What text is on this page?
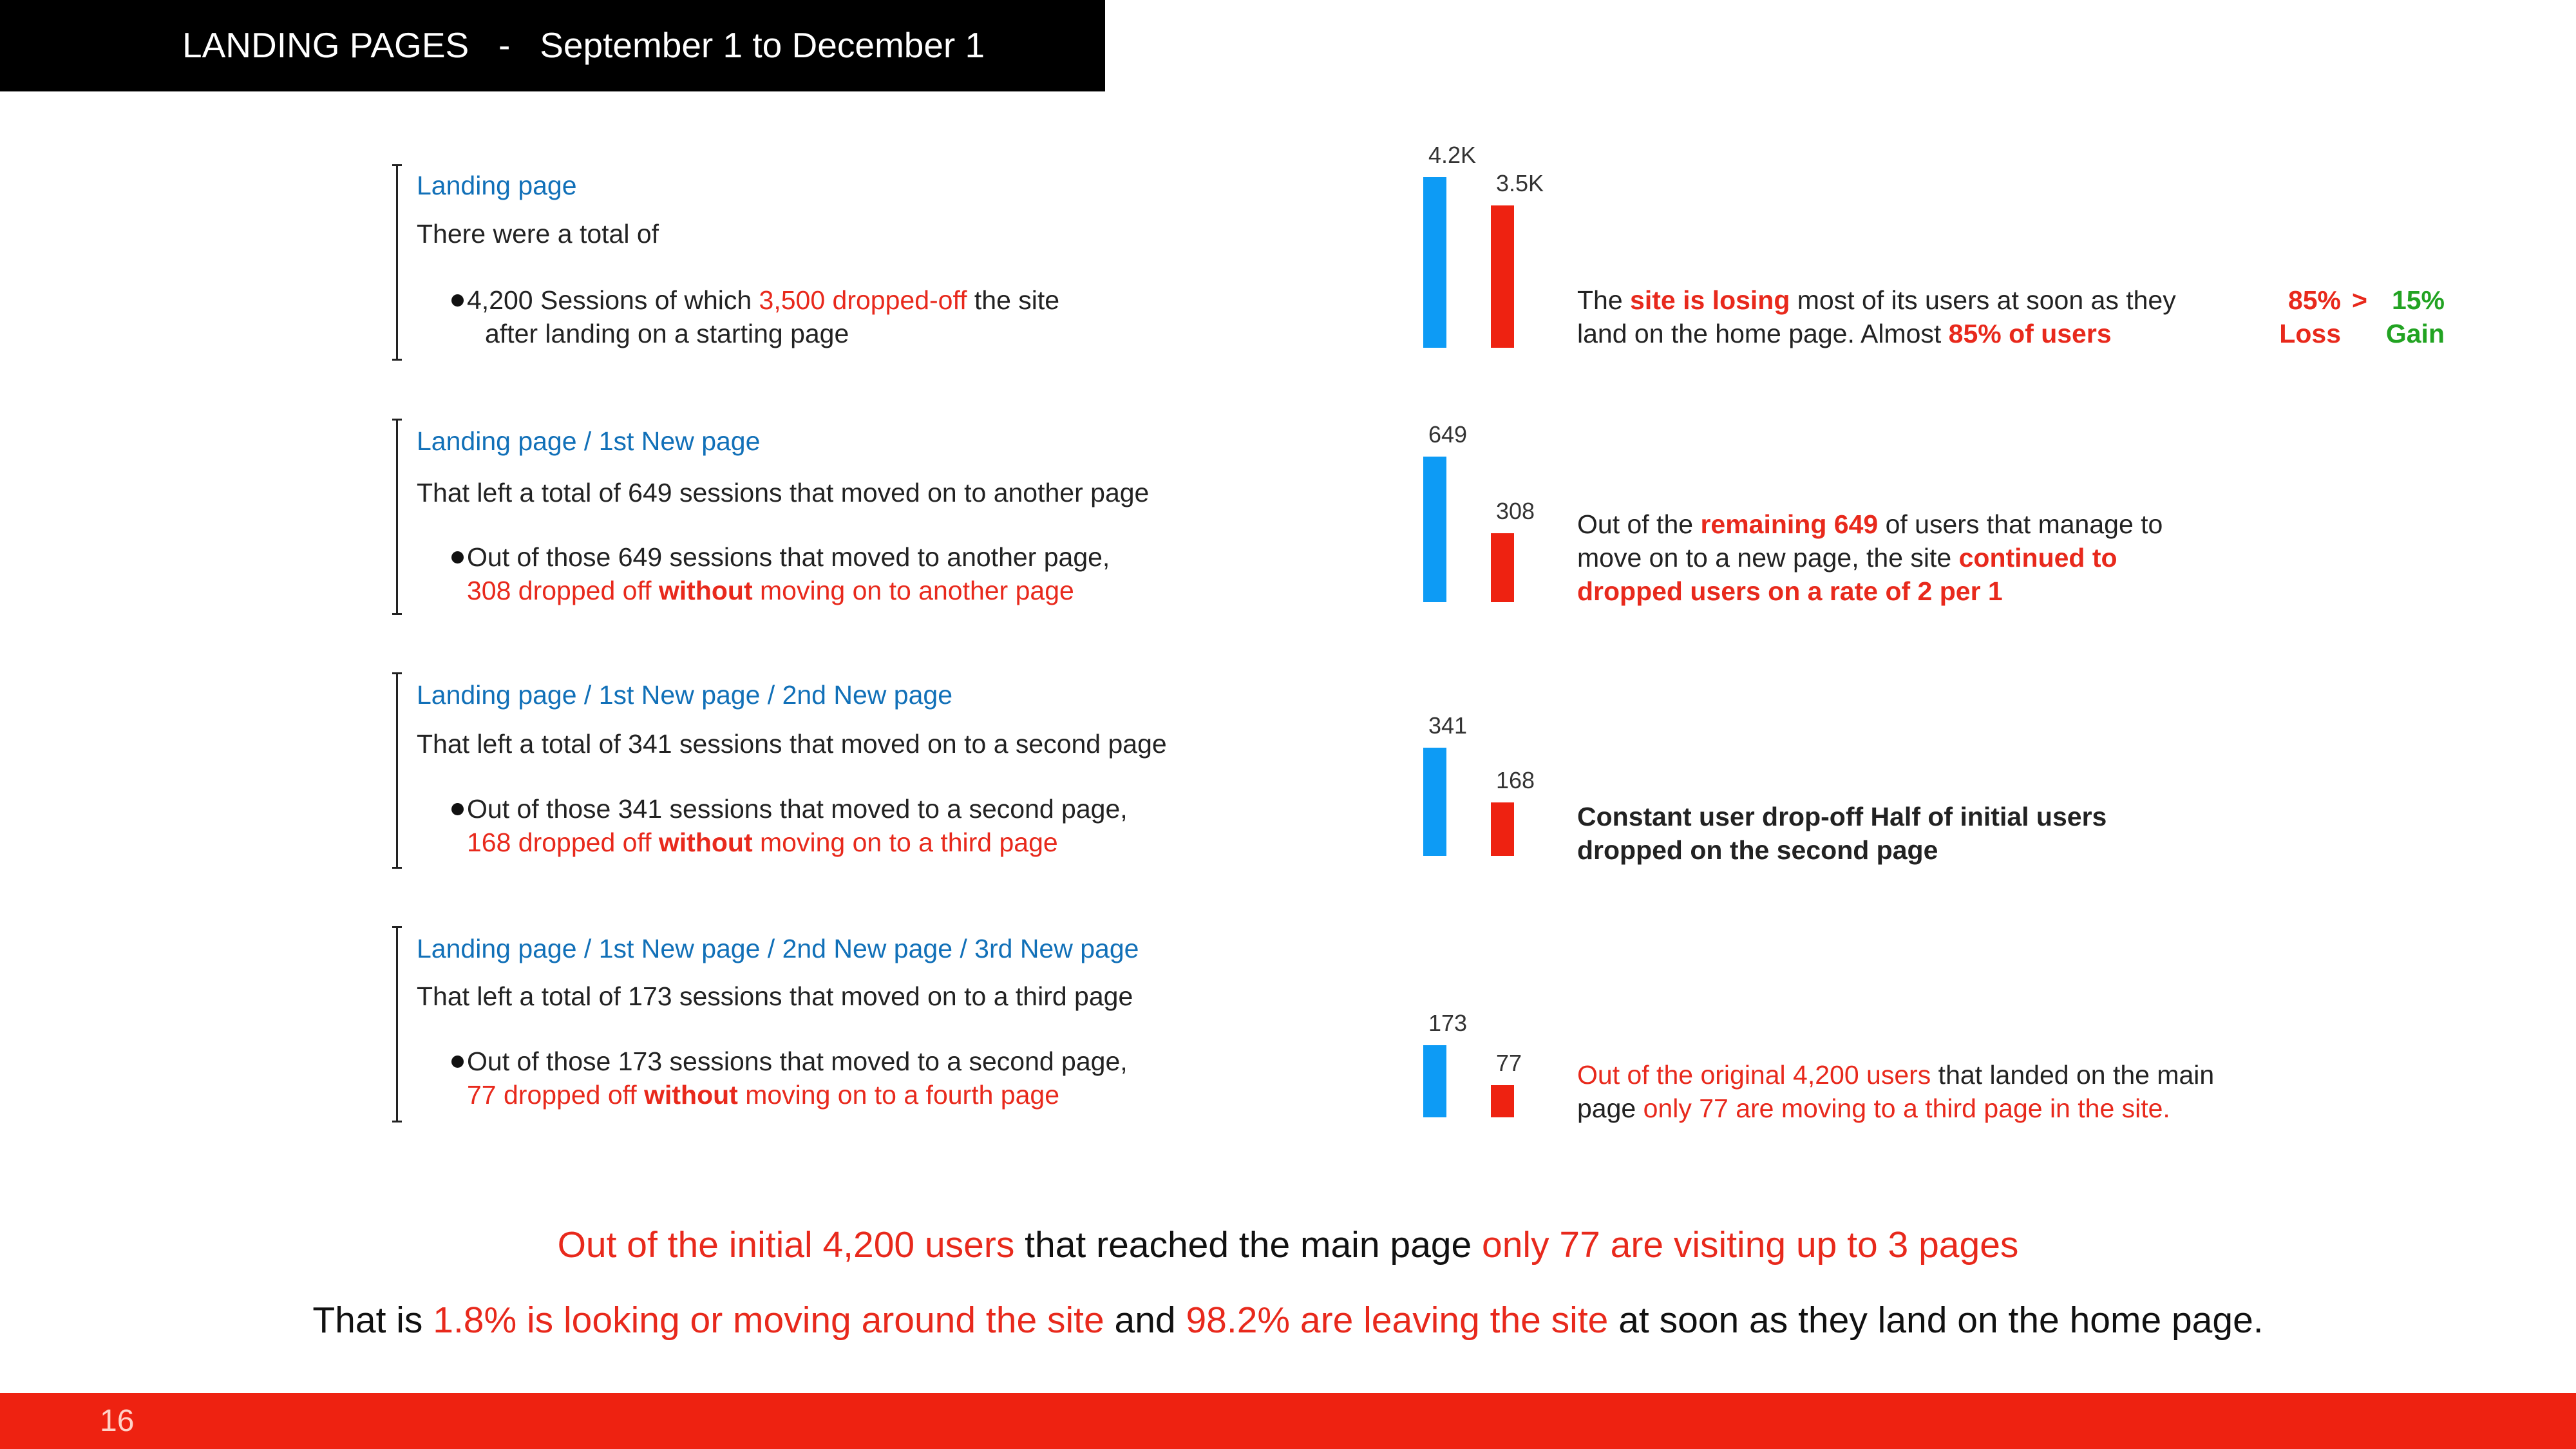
LANDING PAGES   -   September 1 to December 1
Landing page
There were a total of
4,200 Sessions of which 3,500 dropped-off the site
after landing on a starting page
Landing page / 1st New page
That left a total of 649 sessions that moved on to another page
Out of those 649 sessions that moved to another page,
308 dropped off without moving on to another page
Landing page / 1st New page / 2nd New page
That left a total of 341 sessions that moved on to a second page
Out of those 341 sessions that moved to a second page,
168 dropped off without moving on to a third page
Landing page / 1st New page / 2nd New page / 3rd New page
That left a total of 173 sessions that moved on to a third page
Out of those 173 sessions that moved to a second page,
77 dropped off without moving on to a fourth page
4.2K
3.5K
649
308
341
168
173
77
The site is losing most of its users at soon as they
land on the home page. Almost 85% of users
Out of the remaining 649 of users that manage to
move on to a new page, the site continued to
dropped users on a rate of 2 per 1
Constant user drop-off Half of initial users
dropped on the second page
Out of the original 4,200 users that landed on the main
page only 77 are moving to a third page in the site.
85%
Loss
> 15%
Gain
Out of the initial 4,200 users that reached the main page only 77 are visiting up to 3 pages
That is 1.8% is looking or moving around the site and 98.2% are leaving the site at soon as they land on the home page.
16
